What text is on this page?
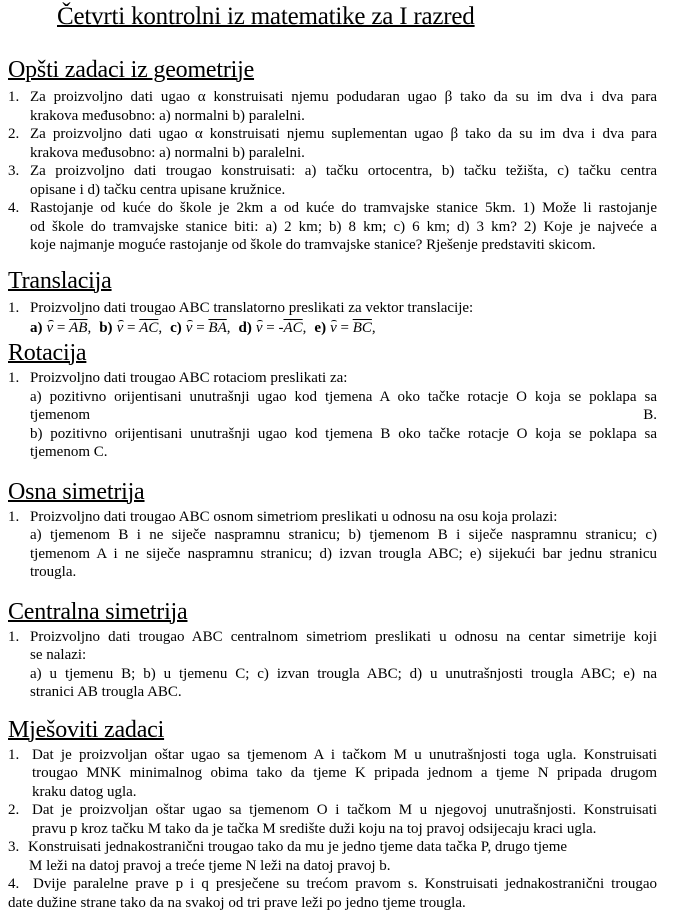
Četvrti kontrolni iz matematike za I razred
Opšti zadaci iz geometrije
1. Za proizvoljno dati ugao α konstruisati njemu podudaran ugao β tako da su im dva i dva para
krakova međusobno: a) normalni b) paralelni.
2. Za proizvoljno dati ugao α konstruisati njemu suplementan ugao β tako da su im dva i dva para
krakova međusobno: a) normalni b) paralelni.
3. Za proizvoljno dati trougao konstruisati: a) tačku ortocentra, b) tačku težišta, c) tačku centra
opisane i d) tačku centra upisane kružnice.
4. Rastojanje od kuće do škole je 2km a od kuće do tramvajske stanice 5km. 1) Može li rastojanje
od škole do tramvajske stanice biti: a) 2 km; b) 8 km; c) 6 km; d) 3 km? 2) Koje je najveće a
koje najmanje moguće rastojanje od škole do tramvajske stanice? Rješenje predstaviti skicom.
Translacija
1. Proizvoljno dati trougao ABC translatorno preslikati za vektor translacije:
a) $v = \overline{AB}$, b) $v = \overline{AC}$, c) $v = \overline{BA}$, d) $v = -\overline{AC}$, e) $v = \overline{BC}$,
Rotacija
1. Proizvoljno dati trougao ABC rotaciom preslikati za:
a) pozitivno orijentisani unutrašnji ugao kod tjemena A oko tačke rotacje O koja se poklapa sa
tjemenom B.
b) pozitivno orijentisani unutrašnji ugao kod tjemena B oko tačke rotacje O koja se poklapa sa
tjemenom C.
Osna simetrija
1. Proizvoljno dati trougao ABC osnom simetriom preslikati u odnosu na osu koja prolazi:
a) tjemenom B i ne siječe naspramnu stranicu; b) tjemenom B i siječe naspramnu stranicu; c)
tjemenom A i ne siječe naspramnu stranicu; d) izvan trougla ABC; e) sijekući bar jednu stranicu
trougla.
Centralna simetrija
1. Proizvoljno dati trougao ABC centralnom simetriom preslikati u odnosu na centar simetrije koji
se nalazi:
a) u tjemenu B; b) u tjemenu C; c) izvan trougla ABC; d) u unutrašnjosti trougla ABC; e) na
stranici AB trougla ABC.
Mješoviti zadaci
1. Dat je proizvoljan oštar ugao sa tjemenom A i tačkom M u unutrašnjosti toga ugla. Konstruisati
trougao MNK minimalnog obima tako da tjeme K pripada jednom a tjeme N pripada drugom
kraku datog ugla.
2. Dat je proizvoljan oštar ugao sa tjemenom O i tačkom M u njegovoj unutrašnjosti. Konstruisati
pravu p kroz tačku M tako da je tačka M središte duži koju na toj pravoj odsijecaju kraci ugla.
3. Konstruisati jednakostranični trougao tako da mu je jedno tjeme data tačka P, drugo tjeme
M leži na datoj pravoj a treće tjeme N leži na datoj pravoj b.
4. Dvije paralelne prave p i q presječene su trećom pravom s. Konstruisati jednakostranični trougao
date dužine strane tako da na svakoj od tri prave leži po jedno tjeme trougla.
